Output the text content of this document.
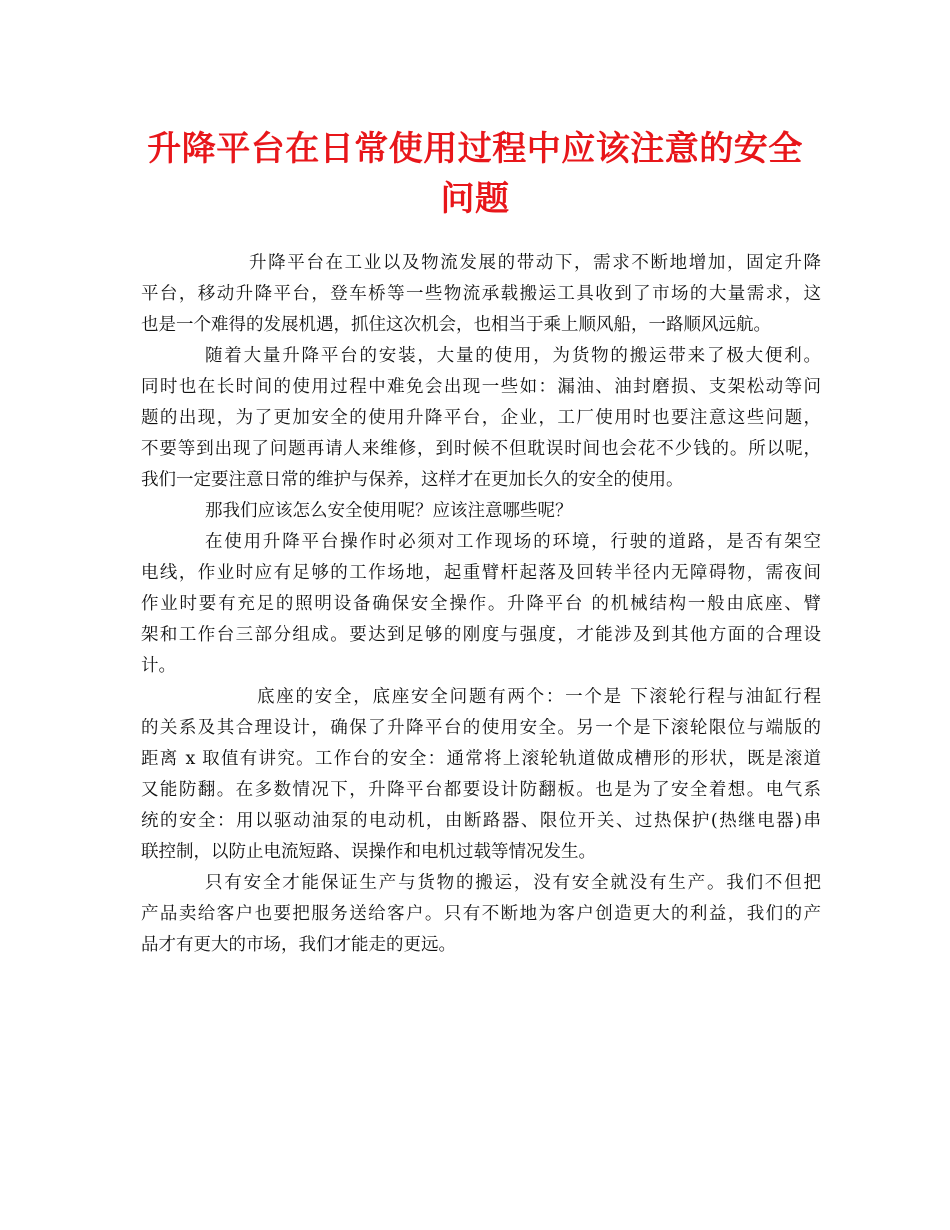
升降平台在日常使用过程中应该注意的安全
问题
升降平台在工业以及物流发展的带动下，需求不断地增加，固定升降
平台，移动升降平台，登车桥等一些物流承载搬运工具收到了市场的大量需求，这
也是一个难得的发展机遇，抓住这次机会，也相当于乘上顺风船，一路顺风远航。
随着大量升降平台的安装，大量的使用，为货物的搬运带来了极大便利。
同时也在长时间的使用过程中难免会出现一些如：漏油、油封磨损、支架松动等问
题的出现，为了更加安全的使用升降平台，企业，工厂使用时也要注意这些问题，
不要等到出现了问题再请人来维修，到时候不但耽误时间也会花不少钱的。所以呢，
我们一定要注意日常的维护与保养，这样才在更加长久的安全的使用。
那我们应该怎么安全使用呢？应该注意哪些呢？
在使用升降平台操作时必须对工作现场的环境，行驶的道路，是否有架空
电线，作业时应有足够的工作场地，起重臂杆起落及回转半径内无障碍物，需夜间
作业时要有充足的照明设备确保安全操作。升降平台 的机械结构一般由底座、臂
架和工作台三部分组成。要达到足够的刚度与强度，才能涉及到其他方面的合理设
计。
底座的安全，底座安全问题有两个：一个是 下滚轮行程与油缸行程
的关系及其合理设计，确保了升降平台的使用安全。另一个是下滚轮限位与端版的
距离 x 取值有讲究。工作台的安全：通常将上滚轮轨道做成槽形的形状，既是滚道
又能防翻。在多数情况下，升降平台都要设计防翻板。也是为了安全着想。电气系
统的安全：用以驱动油泵的电动机，由断路器、限位开关、过热保护(热继电器)串
联控制，以防止电流短路、误操作和电机过载等情况发生。
只有安全才能保证生产与货物的搬运，没有安全就没有生产。我们不但把
产品卖给客户也要把服务送给客户。只有不断地为客户创造更大的利益，我们的产
品才有更大的市场，我们才能走的更远。
